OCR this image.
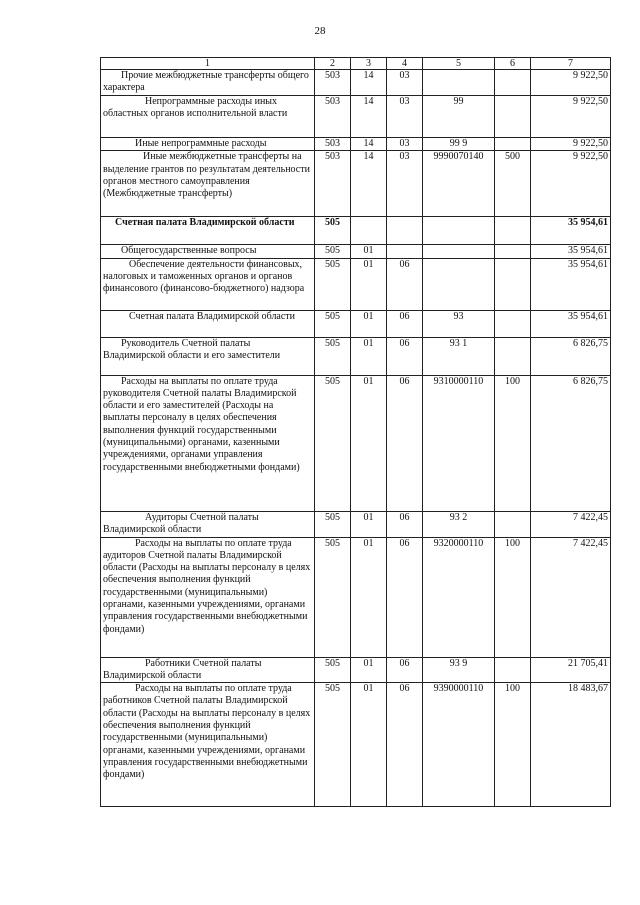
28
1	2	3	4	5	6	7
Прочие межбюджетные трансферты общего характера	503	14	03			9 922,50
Непрограммные расходы иных областных органов исполнительной власти	503	14	03	99		9 922,50
Иные непрограммные расходы	503	14	03	99 9		9 922,50
Иные межбюджетные трансферты на выделение грантов по результатам деятельности органов местного самоуправления (Межбюджетные трансферты)	503	14	03	9990070140	500	9 922,50
Счетная палата Владимирской области	505					35 954,61
Общегосударственные вопросы	505	01				35 954,61
Обеспечение деятельности финансовых, налоговых и таможенных органов и органов финансового (финансово-бюджетного) надзора	505	01	06			35 954,61
Счетная палата Владимирской области	505	01	06	93		35 954,61
Руководитель Счетной палаты Владимирской области и его заместители	505	01	06	93 1		6 826,75
Расходы на выплаты по оплате труда руководителя Счетной палаты Владимирской области и его заместителей (Расходы на выплаты персоналу в целях обеспечения выполнения функций государственными (муниципальными) органами, казенными учреждениями, органами управления государственными внебюджетными фондами)	505	01	06	9310000110	100	6 826,75
Аудиторы Счетной палаты Владимирской области	505	01	06	93 2		7 422,45
Расходы на выплаты по оплате труда аудиторов Счетной палаты Владимирской области (Расходы на выплаты персоналу в целях обеспечения выполнения функций государственными (муниципальными) органами, казенными учреждениями, органами управления государственными внебюджетными фондами)	505	01	06	9320000110	100	7 422,45
Работники Счетной палаты Владимирской области	505	01	06	93 9		21 705,41
Расходы на выплаты по оплате труда работников Счетной палаты Владимирской области (Расходы на выплаты персоналу в целях обеспечения выполнения функций государственными (муниципальными) органами, казенными учреждениями, органами управления государственными внебюджетными фондами)	505	01	06	9390000110	100	18 483,67
